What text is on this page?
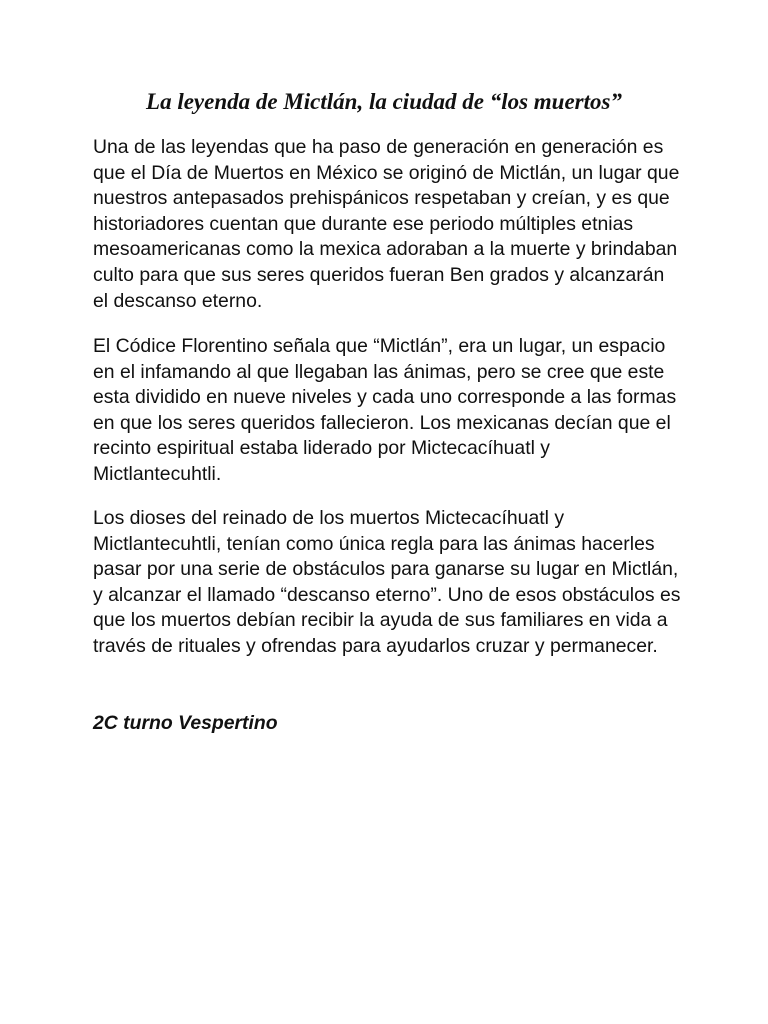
La leyenda de Mictlán, la ciudad de “los muertos”

Una de las leyendas que ha paso de generación en generación es que el Día de Muertos en México se originó de Mictlán, un lugar que nuestros antepasados prehispánicos respetaban y creían, y es que historiadores cuentan que durante ese periodo múltiples etnias mesoamericanas como la mexica adoraban a la muerte y brindaban culto para que sus seres queridos fueran Ben grados y alcanzarán el descanso eterno.

El Códice Florentino señala que “Mictlán”, era un lugar, un espacio en el infamando al que llegaban las ánimas, pero se cree que este esta dividido en nueve niveles y cada uno corresponde a las formas en que los seres queridos fallecieron. Los mexicanas decían que el recinto espiritual estaba liderado por Mictecacíhuatl y Mictlantecuhtli.

Los dioses del reinado de los muertos Mictecacíhuatl y Mictlantecuhtli, tenían como única regla para las ánimas hacerles pasar por una serie de obstáculos para ganarse su lugar en Mictlán, y alcanzar el llamado “descanso eterno”. Uno de esos obstáculos es que los muertos debían recibir la ayuda de sus familiares en vida a través de rituales y ofrendas para ayudarlos cruzar y permanecer.

2C turno Vespertino
